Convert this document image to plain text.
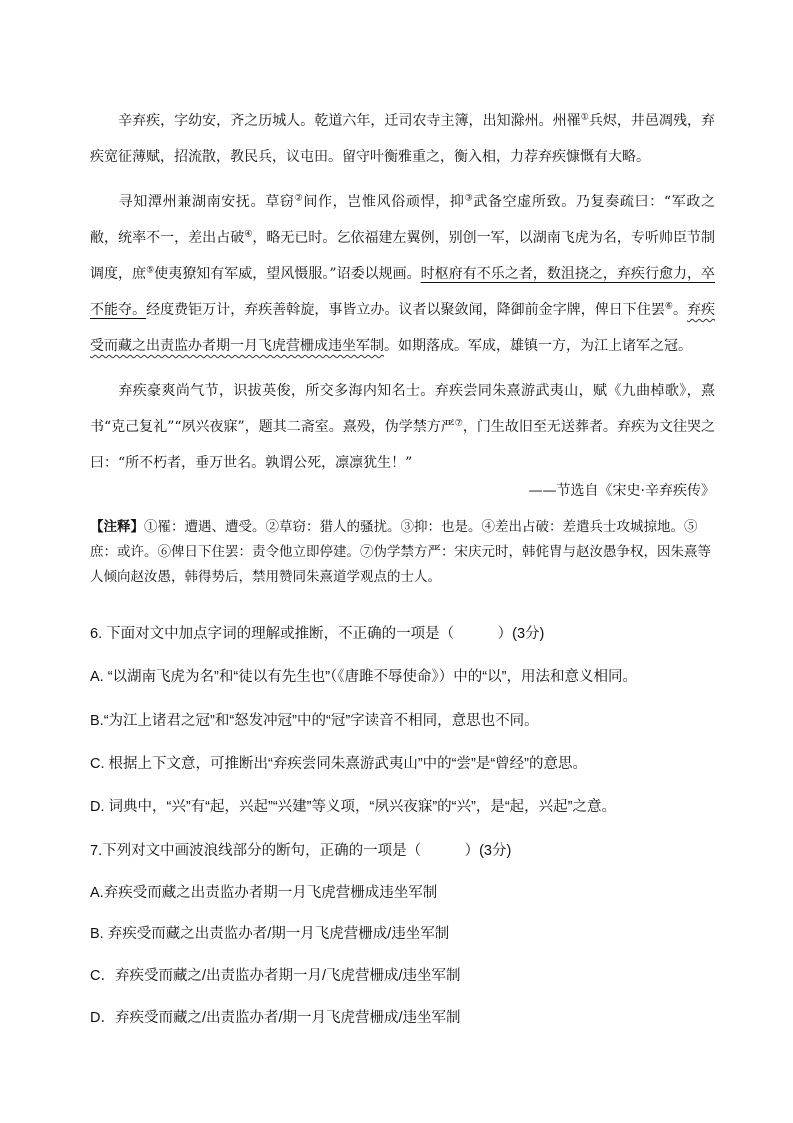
辛弃疾，字幼安，齐之历城人。乾道六年，迁司农寺主簿，出知滁州。州罹①兵烬，井邑凋残，弃疾宽征薄赋，招流散，教民兵，议屯田。留守叶衡雅重之，衡入相，力荐弃疾慷慨有大略。
寻知潭州兼湖南安抚。草窃②间作，岂惟风俗顽悍，抑③武备空虚所致。乃复奏疏曰：“军政之敝，统率不一，差出占破④，略无已时。乞依福建左翼例，别创一军，以湖南飞虎为名，专听帅臣节制调度，庶⑤使夷獠知有军威，望风慑服。”诏委以规画。时枢府有不乐之者，数沮挠之，弃疾行愈力，卒不能夺。经度费钜万计，弃疾善斡旋，事皆立办。议者以聚敛闻，降御前金字牌，俾日下住罢⑥。弃疾受而藏之出责监办者期一月飞虎营栅成违坐军制。如期落成。军成，雄镇一方，为江上诸军之冠。
弃疾豪爽尚气节，识拔英俊，所交多海内知名士。弃疾尝同朱熹游武夷山，赋《九曲棹歌》，熹书“克己复礼”“夙兴夜寐”，题其二斋室。熹殁，伪学禁方严⑦，门生故旧至无送葬者。弃疾为文往哭之曰：“所不朽者，垂万世名。孰谓公死，凛凛犹生！”
——节选自《宋史·辛弃疾传》
【注释】①罹：遭遇、遭受。②草窃：猎人的骚扰。③抑：也是。④差出占破：差遣兵士攻城掠地。⑤庶：或许。⑥俾日下住罢：责令他立即停建。⑦伪学禁方严：宋庆元时，韩侂胄与赵汝愚争权，因朱熹等人倾向赵汝愚，韩得势后，禁用赞同朱熹道学观点的士人。
6. 下面对文中加点字词的理解或推断，不正确的一项是（　　　）(3分)
A. “以湖南飞虎为名”和“徒以有先生也”（《唐雎不辱使命》）中的“以”，用法和意义相同。
B.“为江上诸君之冠”和“怒发冲冠”中的“冠”字读音不相同，意思也不同。
C. 根据上下文意，可推断出“弃疾尝同朱熹游武夷山”中的“尝”是“曾经”的意思。
D. 词典中，“兴”有“起，兴起”“兴建”等义项，“夙兴夜寐”的“兴”，是“起，兴起”之意。
7.下列对文中画波浪线部分的断句，正确的一项是（　　　）(3分)
A.弃疾受而藏之出责监办者期一月飞虎营栅成违坐军制
B. 弃疾受而藏之出责监办者/期一月飞虎营栅成/违坐军制
C．弃疾受而藏之/出责监办者期一月/飞虎营栅成/违坐军制
D．弃疾受而藏之/出责监办者/期一月飞虎营栅成/违坐军制
